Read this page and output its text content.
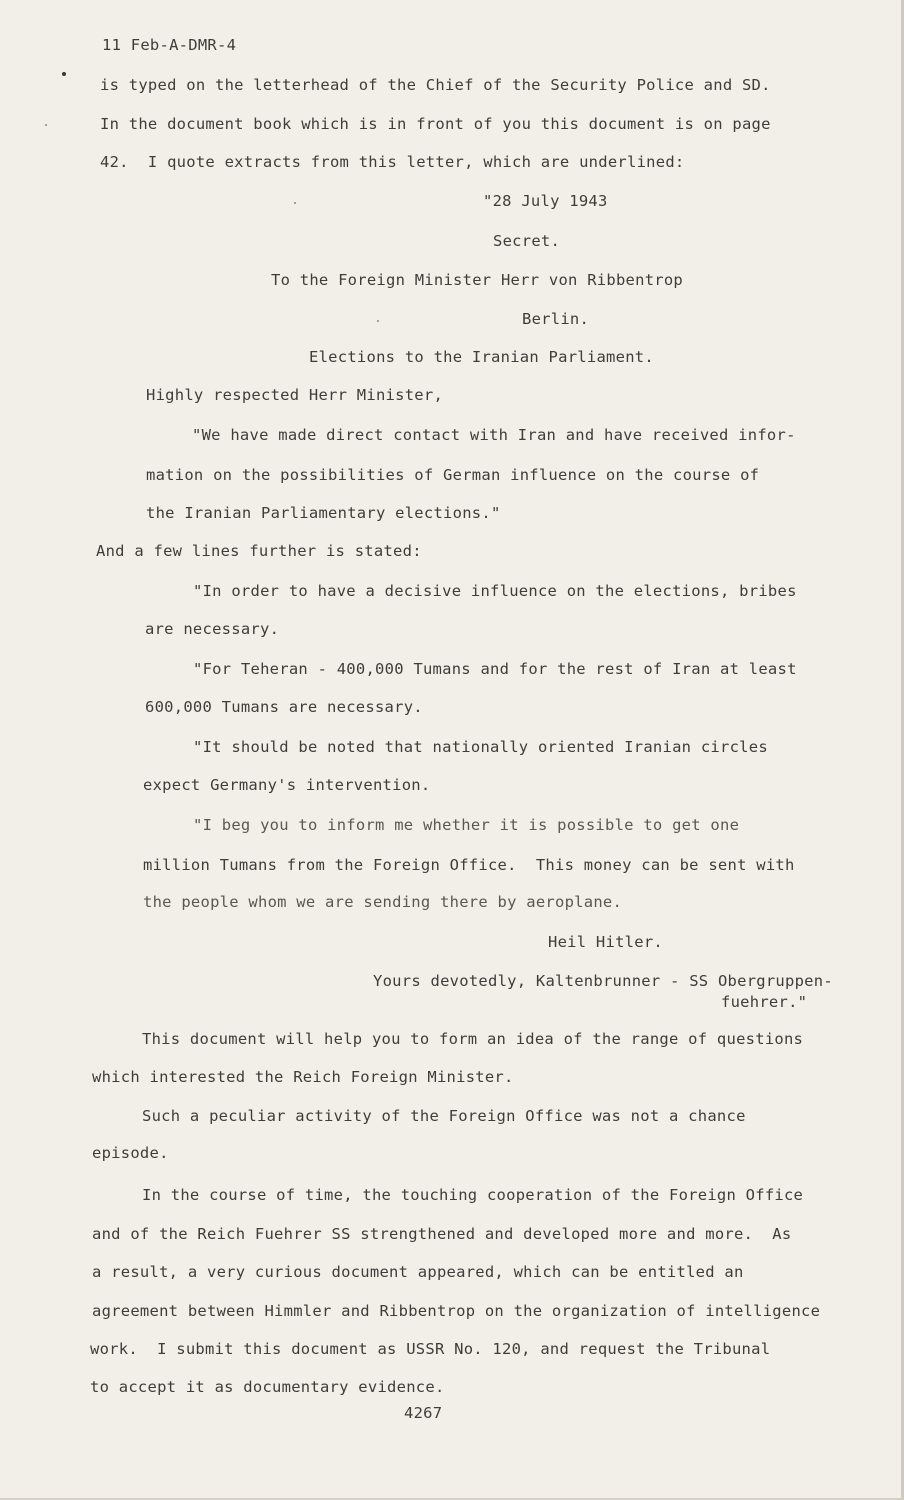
11 Feb-A-DMR-4
is typed on the letterhead of the Chief of the Security Police and SD.
In the document book which is in front of you this document is on page
42.  I quote extracts from this letter, which are underlined:
"28 July 1943
Secret.
To the Foreign Minister Herr von Ribbentrop
Berlin.
Elections to the Iranian Parliament.
Highly respected Herr Minister,
"We have made direct contact with Iran and have received infor-
mation on the possibilities of German influence on the course of
the Iranian Parliamentary elections."
And a few lines further is stated:
"In order to have a decisive influence on the elections, bribes
are necessary.
"For Teheran - 400,000 Tumans and for the rest of Iran at least
600,000 Tumans are necessary.
"It should be noted that nationally oriented Iranian circles
expect Germany's intervention.
"I beg you to inform me whether it is possible to get one
million Tumans from the Foreign Office.  This money can be sent with
the people whom we are sending there by aeroplane.
Heil Hitler.
Yours devotedly, Kaltenbrunner - SS Obergruppen-
fuehrer."
This document will help you to form an idea of the range of questions
which interested the Reich Foreign Minister.
Such a peculiar activity of the Foreign Office was not a chance
episode.
In the course of time, the touching cooperation of the Foreign Office
and of the Reich Fuehrer SS strengthened and developed more and more.  As
a result, a very curious document appeared, which can be entitled an
agreement between Himmler and Ribbentrop on the organization of intelligence
work.  I submit this document as USSR No. 120, and request the Tribunal
to accept it as documentary evidence.
4267
